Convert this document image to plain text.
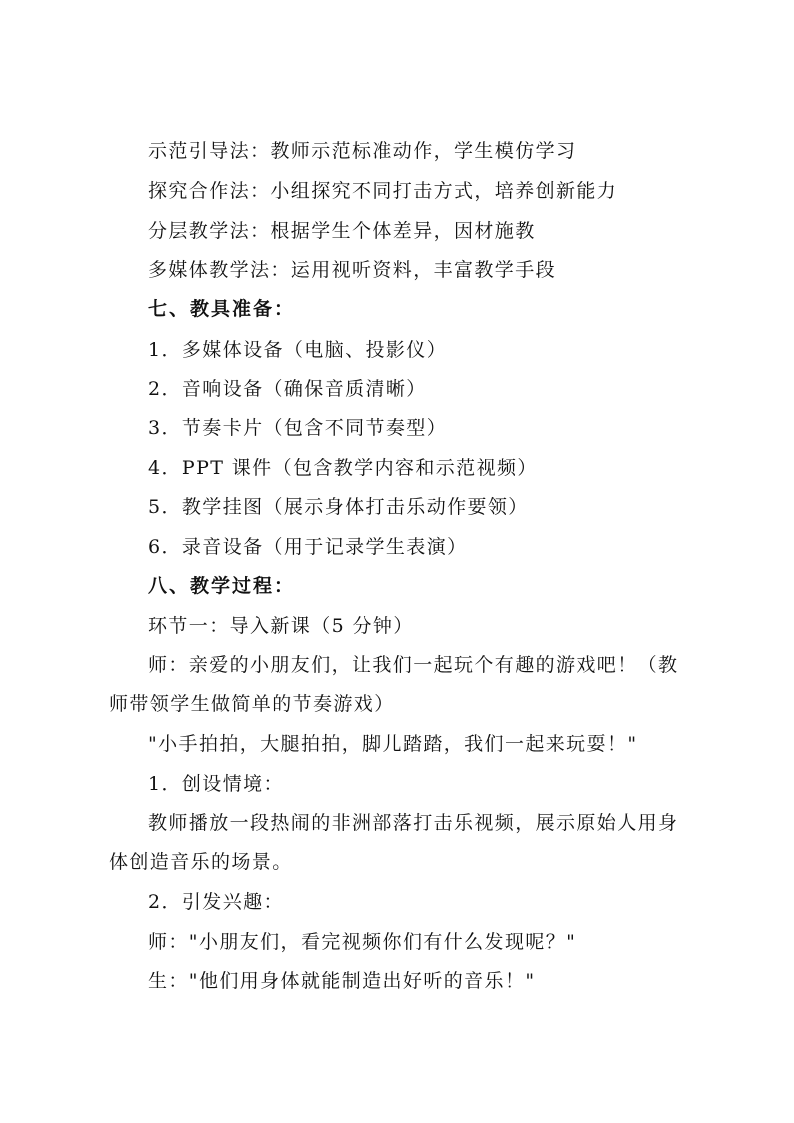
示范引导法：教师示范标准动作，学生模仿学习
探究合作法：小组探究不同打击方式，培养创新能力
分层教学法：根据学生个体差异，因材施教
多媒体教学法：运用视听资料，丰富教学手段
七、教具准备：
1．多媒体设备（电脑、投影仪）
2．音响设备（确保音质清晰）
3．节奏卡片（包含不同节奏型）
4．PPT 课件（包含教学内容和示范视频）
5．教学挂图（展示身体打击乐动作要领）
6．录音设备（用于记录学生表演）
八、教学过程：
环节一：导入新课（5 分钟）
师：亲爱的小朋友们，让我们一起玩个有趣的游戏吧！（教
师带领学生做简单的节奏游戏）
"小手拍拍，大腿拍拍，脚儿踏踏，我们一起来玩耍！"
1．创设情境：
教师播放一段热闹的非洲部落打击乐视频，展示原始人用身
体创造音乐的场景。
2．引发兴趣：
师："小朋友们，看完视频你们有什么发现呢？"
生："他们用身体就能制造出好听的音乐！"
